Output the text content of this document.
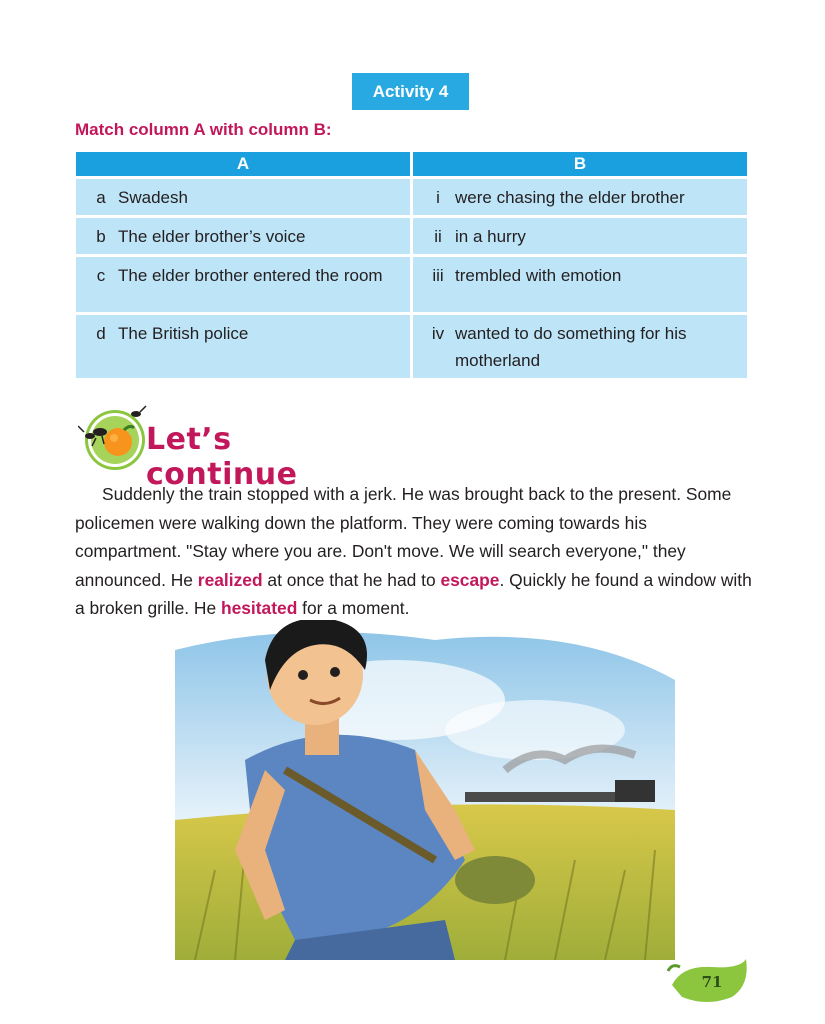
Activity 4
Match column A with column B:
A	B

a Swadesh	i were chasing the elder brother

b The elder brother’s voice	ii in a hurry

c The elder brother entered the room	iii trembled with emotion

d The British police	iv wanted to do something for his motherland
Let’s continue

Suddenly the train stopped with a jerk. He was brought back to the present. Some policemen were walking down the platform. They were coming towards his compartment. "Stay where you are. Don't move. We will search everyone," they announced. He realized at once that he had to escape. Quickly he found a window with a broken grille. He hesitated for a moment.

71
